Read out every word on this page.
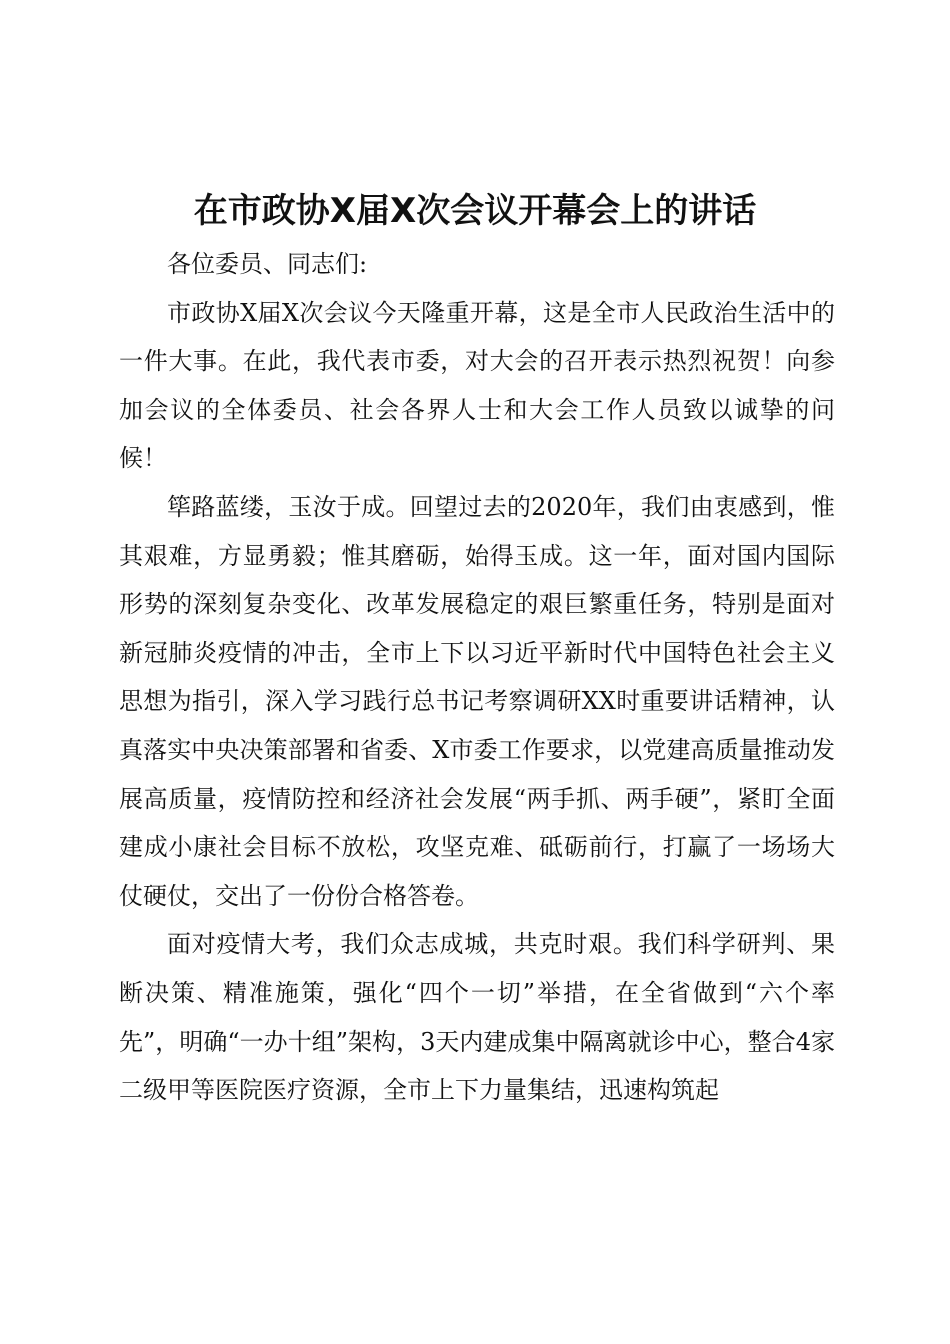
在市政协X届X次会议开幕会上的讲话

各位委员、同志们:

市政协X届X次会议今天隆重开幕，这是全市人民政治生活中的一件大事。在此，我代表市委，对大会的召开表示热烈祝贺！向参加会议的全体委员、社会各界人士和大会工作人员致以诚挚的问候！

筚路蓝缕，玉汝于成。回望过去的2020年，我们由衷感到，惟其艰难，方显勇毅；惟其磨砺，始得玉成。这一年，面对国内国际形势的深刻复杂变化、改革发展稳定的艰巨繁重任务，特别是面对新冠肺炎疫情的冲击，全市上下以习近平新时代中国特色社会主义思想为指引，深入学习践行总书记考察调研XX时重要讲话精神，认真落实中央决策部署和省委、X市委工作要求，以党建高质量推动发展高质量，疫情防控和经济社会发展“两手抓、两手硬”，紧盯全面建成小康社会目标不放松，攻坚克难、砥砺前行，打赢了一场场大仗硬仗，交出了一份份合格答卷。

面对疫情大考，我们众志成城，共克时艰。我们科学研判、果断决策、精准施策，强化“四个一切”举措，在全省做到“六个率先”，明确“一办十组”架构，3天内建成集中隔离就诊中心，整合4家二级甲等医院医疗资源，全市上下力量集结，迅速构筑起
